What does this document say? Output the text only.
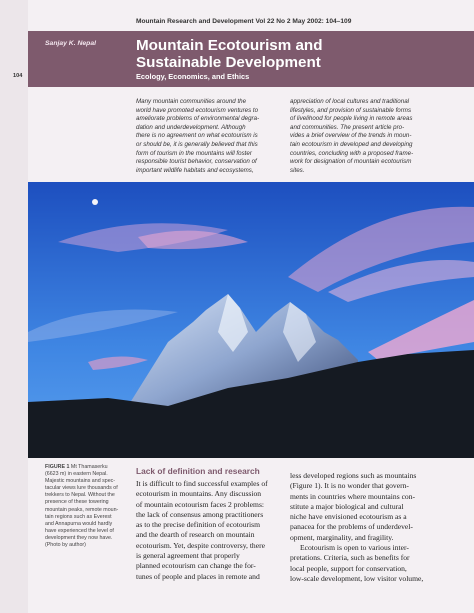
Mountain Research and Development Vol 22 No 2 May 2002: 104–109
Sanjay K. Nepal
104
Mountain Ecotourism and
Sustainable Development
Ecology, Economics, and Ethics
Many mountain communities around the
world have promoted ecotourism ventures to
ameliorate problems of environmental degra-
dation and underdevelopment. Although
there is no agreement on what ecotourism is
or should be, it is generally believed that this
form of tourism in the mountains will foster
responsible tourist behavior, conservation of
important wildlife habitats and ecosystems,
appreciation of local cultures and traditional
lifestyles, and provision of sustainable forms
of livelihood for people living in remote areas
and communities. The present article pro-
vides a brief overview of the trends in moun-
tain ecotourism in developed and developing
countries, concluding with a proposed frame-
work for designation of mountain ecotourism
sites.
FIGURE 1 Mt Thamaserku
(6623 m) in eastern Nepal.
Majestic mountains and spec-
tacular views lure thousands of
trekkers to Nepal. Without the
presence of these towering
mountain peaks, remote moun-
tain regions such as Everest
and Annapurna would hardly
have experienced the level of
development they now have.
(Photo by author)
Lack of definition and research
It is difficult to find successful examples of
ecotourism in mountains. Any discussion
of mountain ecotourism faces 2 problems:
the lack of consensus among practitioners
as to the precise definition of ecotourism
and the dearth of research on mountain
ecotourism. Yet, despite controversy, there
is general agreement that properly
planned ecotourism can change the for-
tunes of people and places in remote and
less developed regions such as mountains
(Figure 1). It is no wonder that govern-
ments in countries where mountains con-
stitute a major biological and cultural
niche have envisioned ecotourism as a
panacea for the problems of underdevel-
opment, marginality, and fragility.
Ecotourism is open to various inter-
pretations. Criteria, such as benefits for
local people, support for conservation,
low-scale development, low visitor volume,
